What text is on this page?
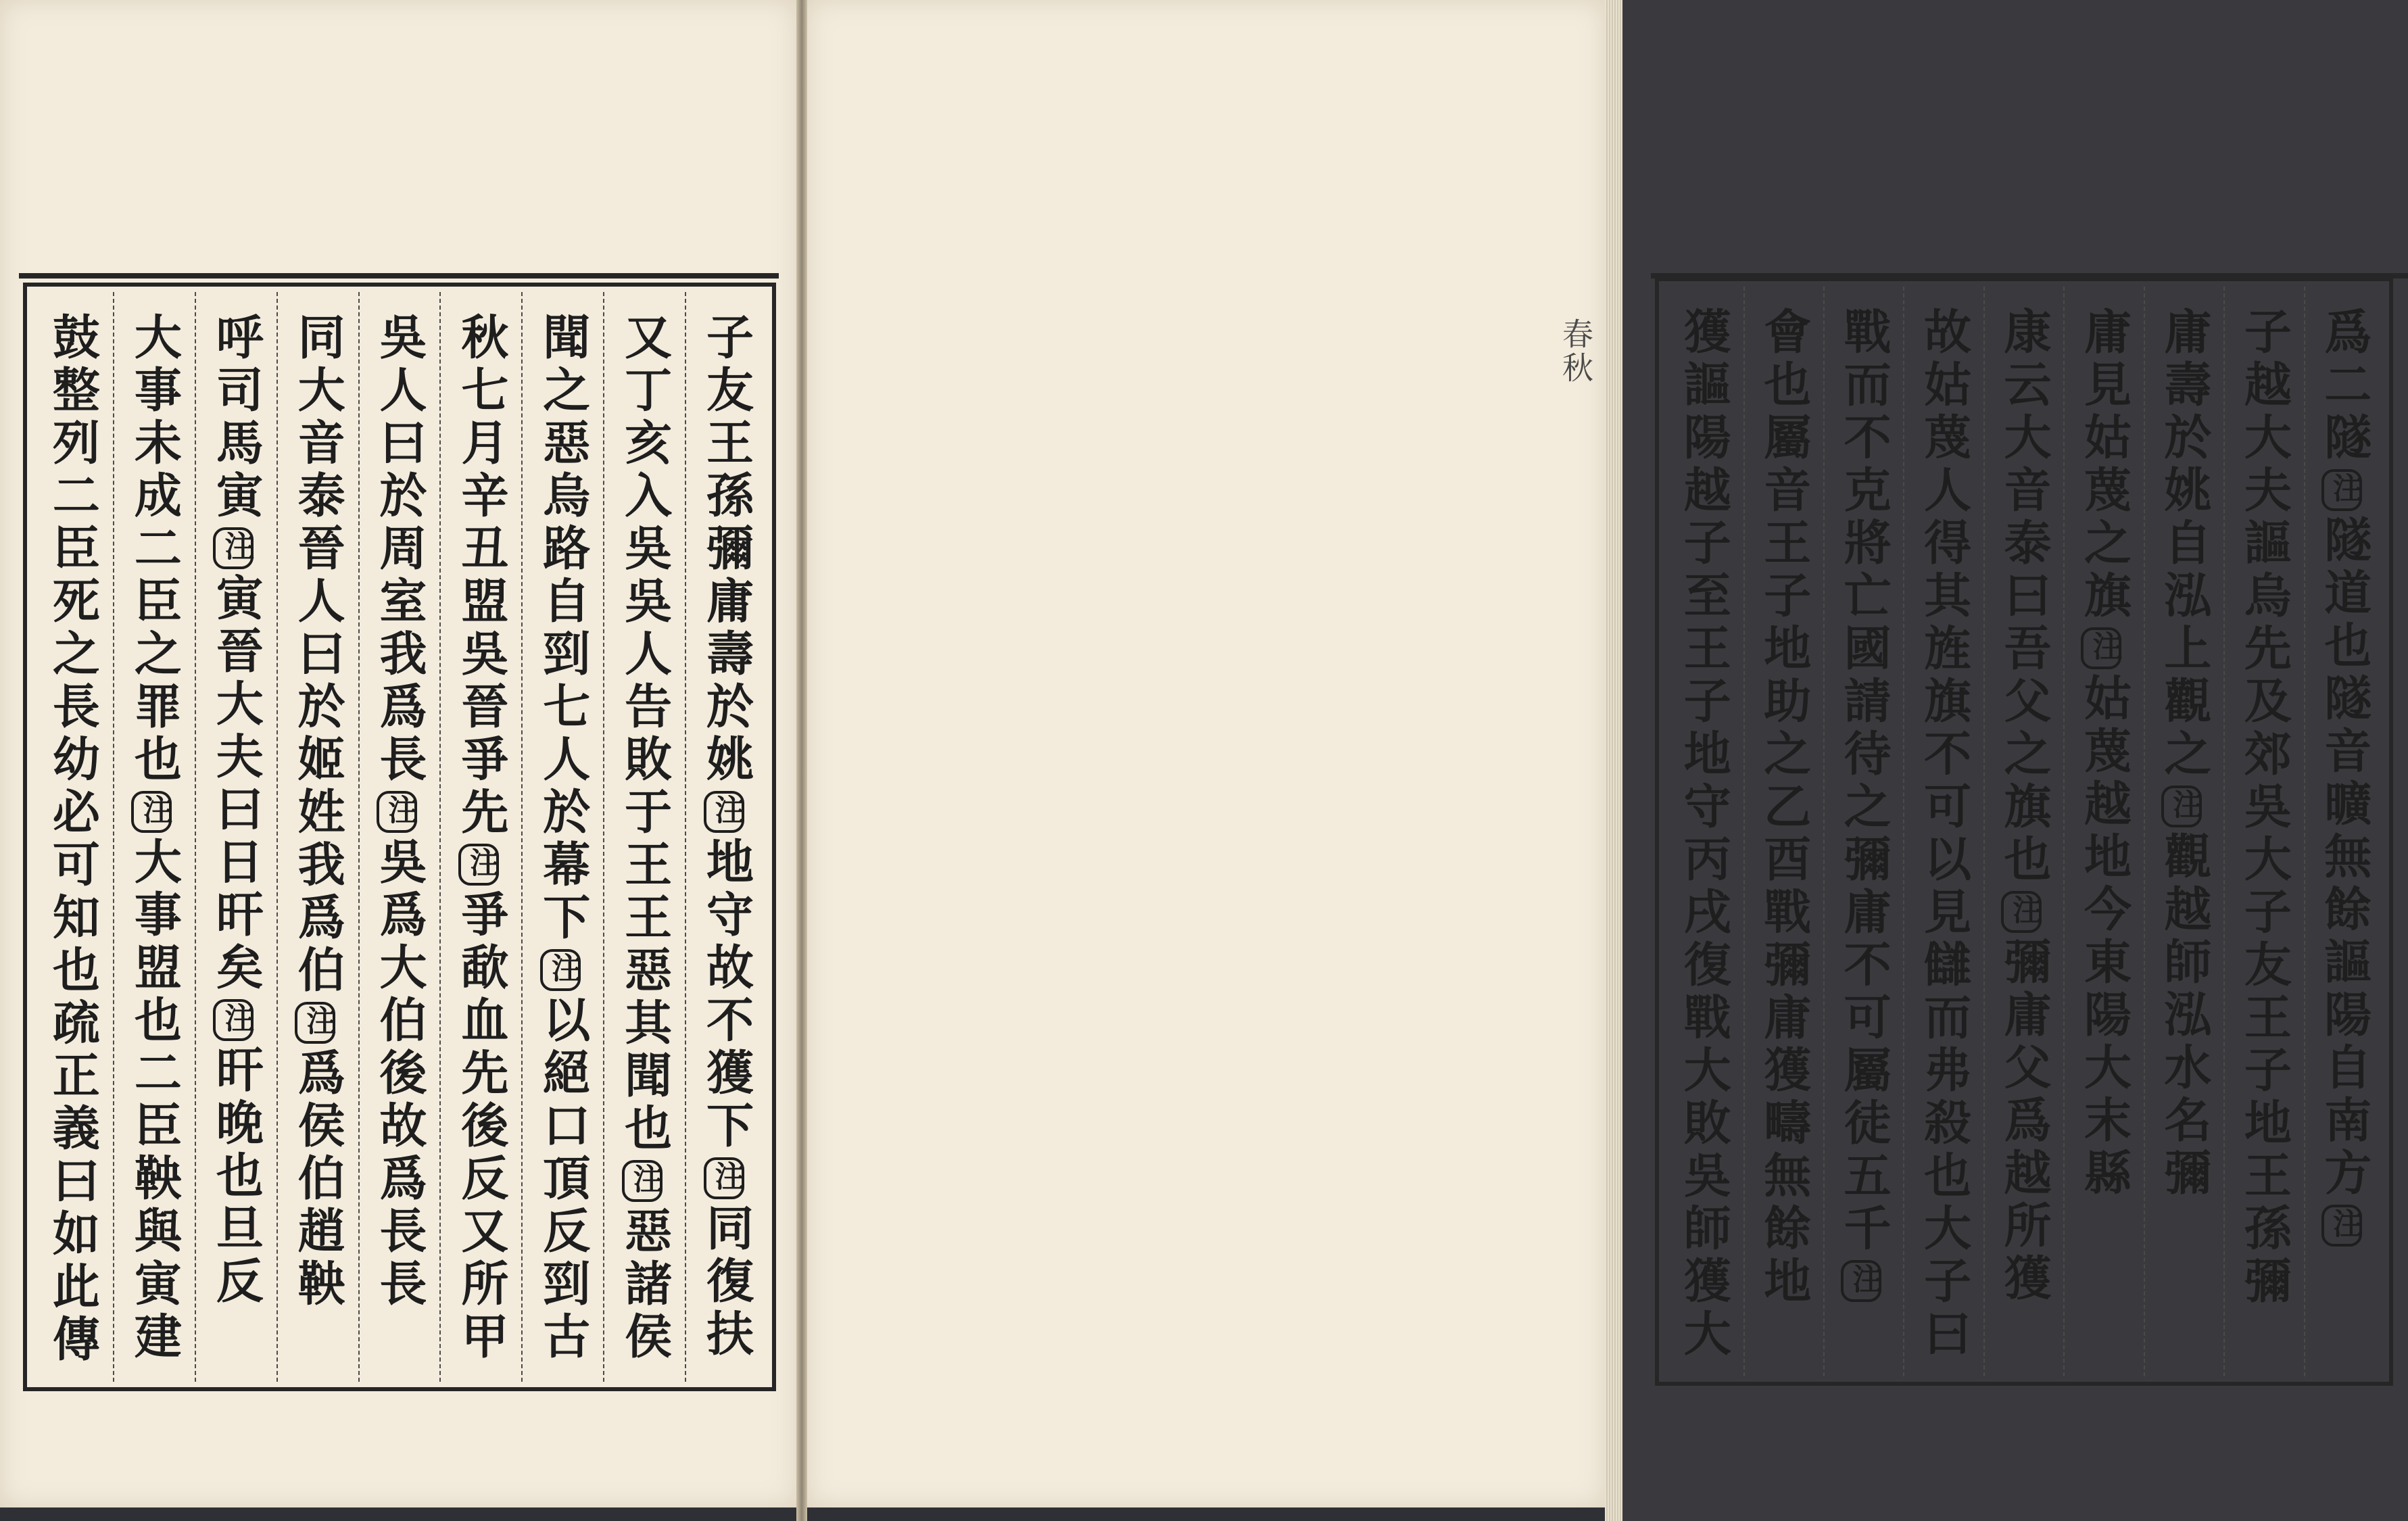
子友王孫彌庸壽於姚注地守故不獲下注同復扶
又丁亥入吳吳人告敗于王王惡其聞也注惡諸侯
聞之惡烏路自剄七人於幕下注以絕口頂反剄古
秋七月辛丑盟吳晉爭先注爭歃血先後反又所甲
吳人曰於周室我爲長注吳爲大伯後故爲長長
同大音泰晉人曰於姬姓我爲伯注爲侯伯趙鞅
呼司馬寅注寅晉大夫曰日旰矣注旰晚也旦反
大事未成二臣之罪也注大事盟也二臣鞅與寅建
鼓整列二臣死之長幼必可知也疏正義曰如此傳
春秋	爲二隧注隧道也隧音曠無餘謳陽自南方注
子越大夫謳烏先及郊吳大子友王子地王孫彌
庸壽於姚自泓上觀之注觀越師泓水名彌
庸見姑蔑之旗注姑蔑越地今東陽大末縣
康云大音泰曰吾父之旗也注彌庸父爲越所獲
故姑蔑人得其旌旗不可以見讎而弗殺也大子曰
戰而不克將亡國請待之彌庸不可屬徒五千注
會也屬音王子地助之乙酉戰彌庸獲疇無餘地
獲謳陽越子至王子地守丙戌復戰大敗吳師獲大
